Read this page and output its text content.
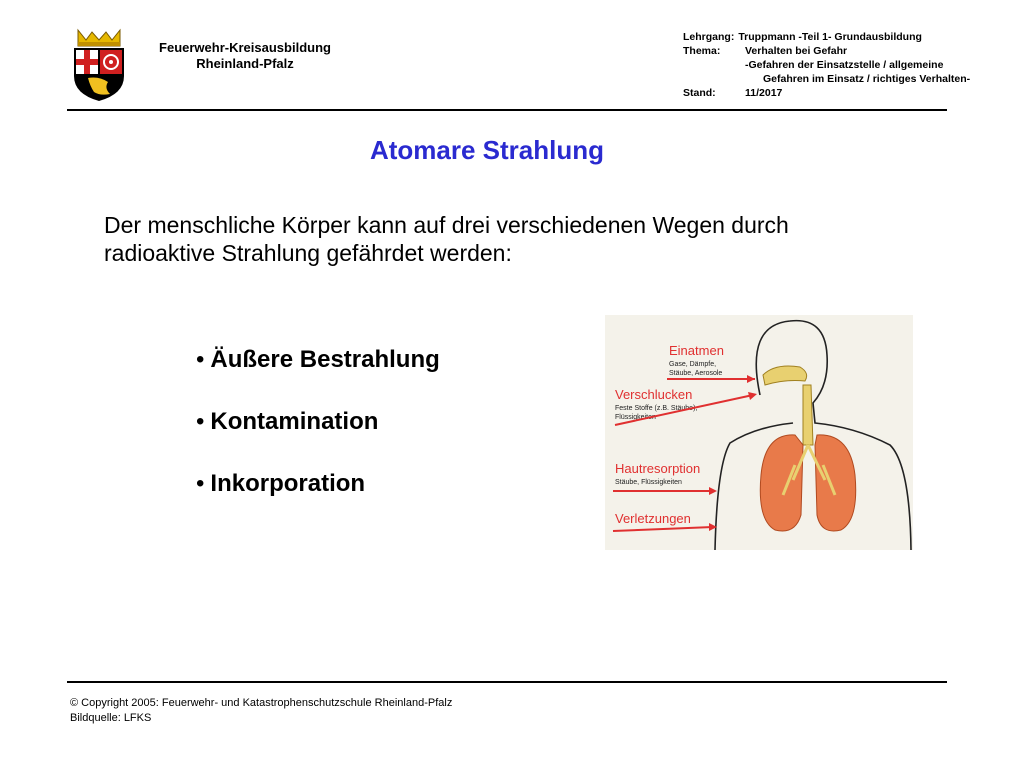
Feuerwehr-Kreisausbildung
Rheinland-Pfalz
Lehrgang: Truppmann -Teil 1- Grundausbildung
Thema:	Verhalten bei Gefahr
-Gefahren der Einsatzstelle / allgemeine
Gefahren im Einsatz / richtiges Verhalten-
Stand:	11/2017
Atomare Strahlung
Der menschliche Körper kann auf drei verschiedenen Wegen durch radioaktive Strahlung gefährdet werden:
• Äußere Bestrahlung
• Kontamination
• Inkorporation
Einatmen
Gase, Dämpfe,
Stäube, Aerosole
Verschlucken
Feste Stoffe (z.B. Stäube),
Flüssigkeiten
Hautresorption
Stäube, Flüssigkeiten
Verletzungen
© Copyright 2005: Feuerwehr- und Katastrophenschutzschule Rheinland-Pfalz
Bildquelle: LFKS
